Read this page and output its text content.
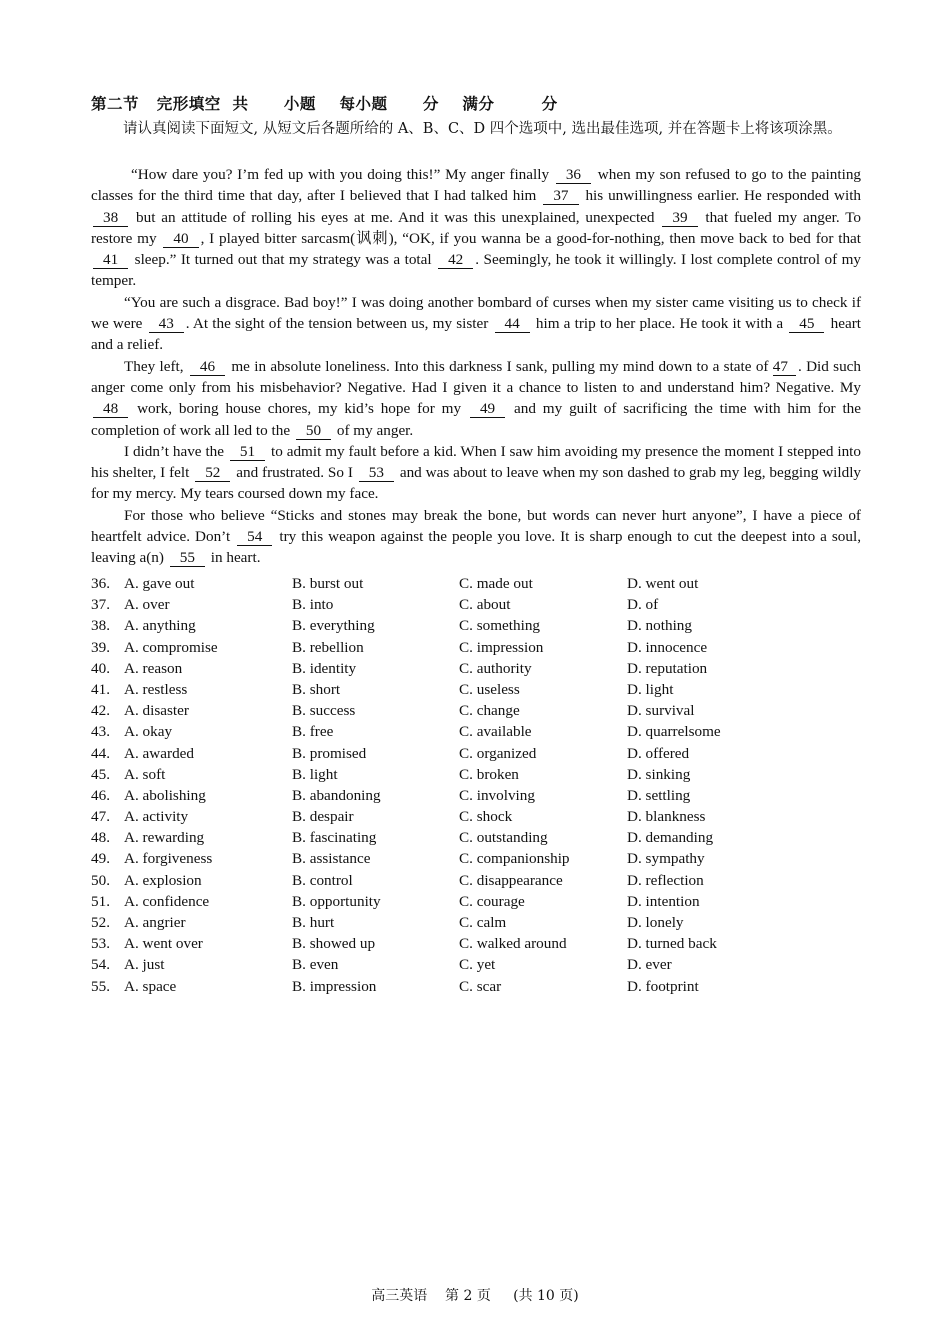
第二节   完形填空  共      小题    每小题      分    满分        分
请认真阅读下面短文, 从短文后各题所给的 A、B、C、D 四个选项中, 选出最佳选项, 并在答题卡上将该项涂黑。

“How dare you? I’m fed up with you doing this!” My anger finally 36 when my son refused to go to the painting classes for the third time that day, after I believed that I had talked him 37 his unwillingness earlier. He responded with 38 but an attitude of rolling his eyes at me. And it was this unexplained, unexpected 39 that fueled my anger. To restore my 40 , I played bitter sarcasm(讽刺), “OK, if you wanna be a good-for-nothing, then move back to bed for that 41 sleep.” It turned out that my strategy was a total 42 . Seemingly, he took it willingly. I lost complete control of my temper.

“You are such a disgrace. Bad boy!” I was doing another bombard of curses when my sister came visiting us to check if we were 43 . At the sight of the tension between us, my sister 44 him a trip to her place. He took it with a 45 heart and a relief.

They left, 46 me in absolute loneliness. Into this darkness I sank, pulling my mind down to a state of 47 . Did such anger come only from his misbehavior? Negative. Had I given it a chance to listen to and understand him? Negative. My 48 work, boring house chores, my kid’s hope for my 49 and my guilt of sacrificing the time with him for the completion of work all led to the 50 of my anger.

I didn’t have the 51 to admit my fault before a kid. When I saw him avoiding my presence the moment I stepped into his shelter, I felt 52 and frustrated. So I 53 and was about to leave when my son dashed to grab my leg, begging wildly for my mercy. My tears coursed down my face.

For those who believe “Sticks and stones may break the bone, but words can never hurt anyone”, I have a piece of heartfelt advice. Don’t 54 try this weapon against the people you love. It is sharp enough to cut the deepest into a soul, leaving a(n) 55 in heart.

36. A. gave out	B. burst out	C. made out	D. went out
37. A. over	B. into	C. about	D. of
38. A. anything	B. everything	C. something	D. nothing
39. A. compromise	B. rebellion	C. impression	D. innocence
40. A. reason	B. identity	C. authority	D. reputation
41. A. restless	B. short	C. useless	D. light
42. A. disaster	B. success	C. change	D. survival
43. A. okay	B. free	C. available	D. quarrelsome
44. A. awarded	B. promised	C. organized	D. offered
45. A. soft	B. light	C. broken	D. sinking
46. A. abolishing	B. abandoning	C. involving	D. settling
47. A. activity	B. despair	C. shock	D. blankness
48. A. rewarding	B. fascinating	C. outstanding	D. demanding
49. A. forgiveness	B. assistance	C. companionship	D. sympathy
50. A. explosion	B. control	C. disappearance	D. reflection
51. A. confidence	B. opportunity	C. courage	D. intention
52. A. angrier	B. hurt	C. calm	D. lonely
53. A. went over	B. showed up	C. walked around	D. turned back
54. A. just	B. even	C. yet	D. ever
55. A. space	B. impression	C. scar	D. footprint
高三英语    第 2 页     (共 10 页)
